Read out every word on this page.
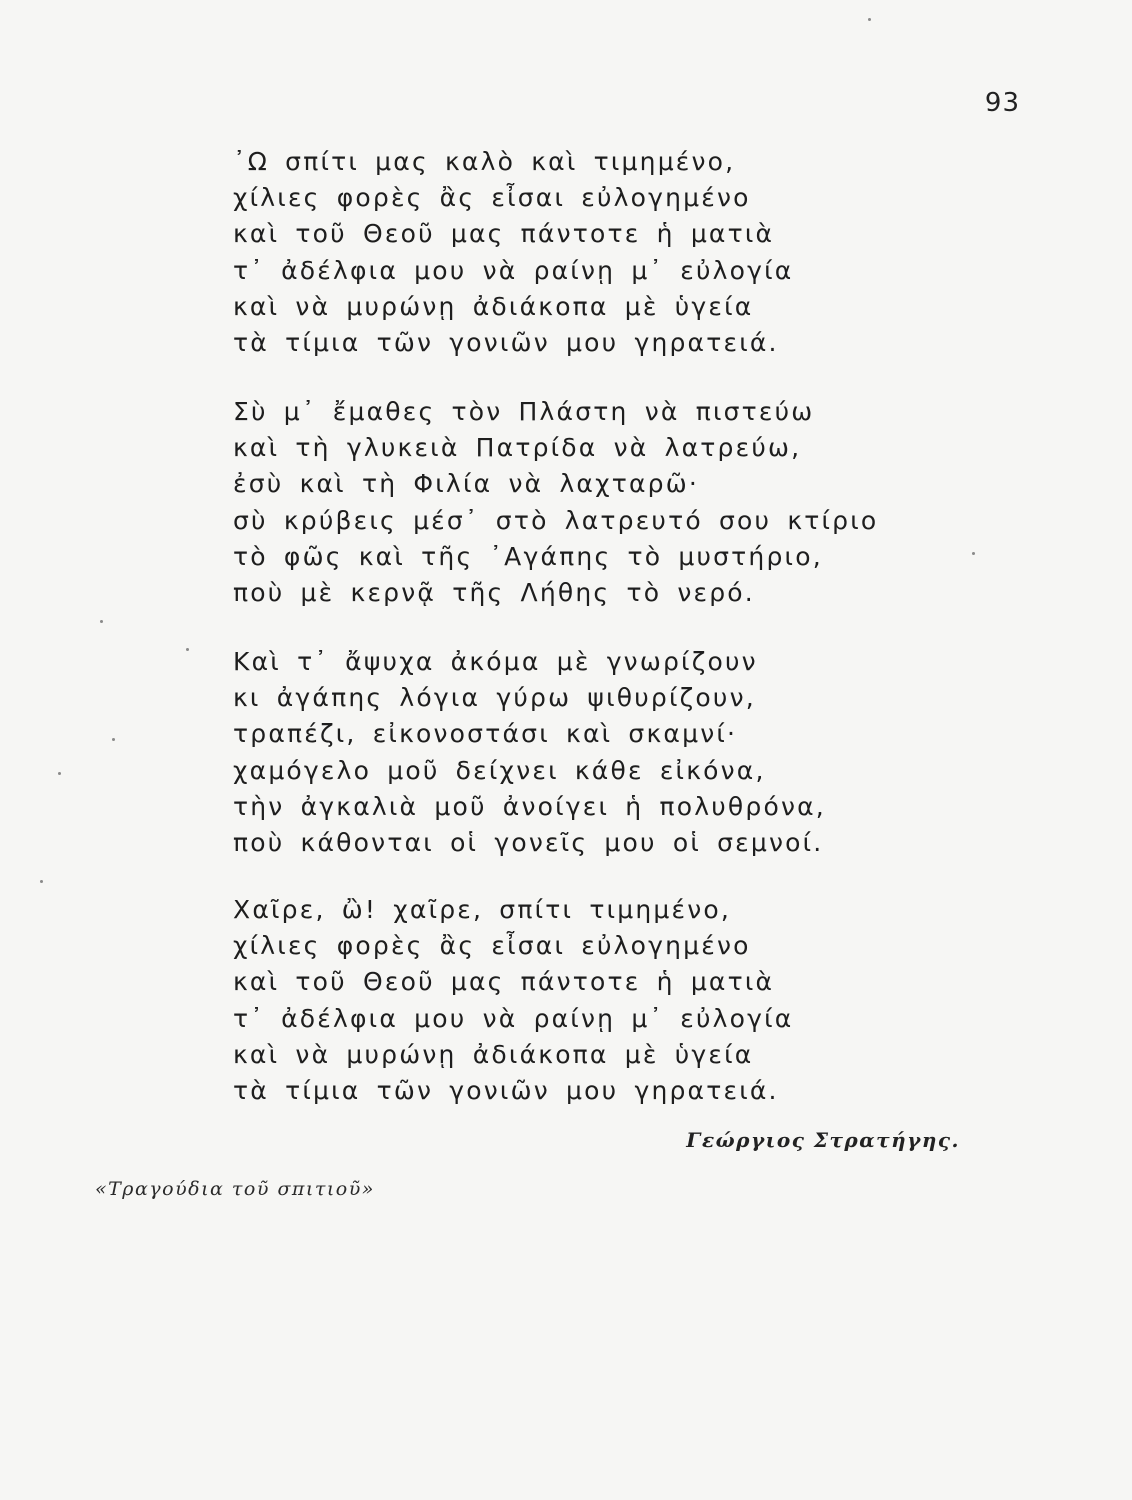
93
᾿Ω σπίτι μας καλὸ καὶ τιμημένο,
χίλιες φορὲς ἂς εἶσαι εὐλογημένο
καὶ τοῦ Θεοῦ μας πάντοτε ἡ ματιὰ
τ᾿ ἀδέλφια μου νὰ ραίνῃ μ᾿ εὐλογία
καὶ νὰ μυρώνῃ ἀδιάκοπα μὲ ὑγεία
τὰ τίμια τῶν γονιῶν μου γηρατειά.
Σὺ μ᾿ ἔμαθες τὸν Πλάστη νὰ πιστεύω
καὶ τὴ γλυκειὰ Πατρίδα νὰ λατρεύω,
ἐσὺ καὶ τὴ Φιλία νὰ λαχταρῶ·
σὺ κρύβεις μέσ᾿ στὸ λατρευτό σου κτίριο
τὸ φῶς καὶ τῆς ᾿Αγάπης τὸ μυστήριο,
ποὺ μὲ κερνᾷ τῆς Λήθης τὸ νερό.
Καὶ τ᾿ ἄψυχα ἀκόμα μὲ γνωρίζουν
κι ἀγάπης λόγια γύρω ψιθυρίζουν,
τραπέζι, εἰκονοστάσι καὶ σκαμνί·
χαμόγελο μοῦ δείχνει κάθε εἰκόνα,
τὴν ἀγκαλιὰ μοῦ ἀνοίγει ἡ πολυθρόνα,
ποὺ κάθονται οἱ γονεῖς μου οἱ σεμνοί.
Χαῖρε, ὢ! χαῖρε, σπίτι τιμημένο,
χίλιες φορὲς ἂς εἶσαι εὐλογημένο
καὶ τοῦ Θεοῦ μας πάντοτε ἡ ματιὰ
τ᾿ ἀδέλφια μου νὰ ραίνῃ μ᾿ εὐλογία
καὶ νὰ μυρώνῃ ἀδιάκοπα μὲ ὑγεία
τὰ τίμια τῶν γονιῶν μου γηρατειά.
Γεώργιος Στρατήγης.
«Τραγούδια τοῦ σπιτιοῦ»
